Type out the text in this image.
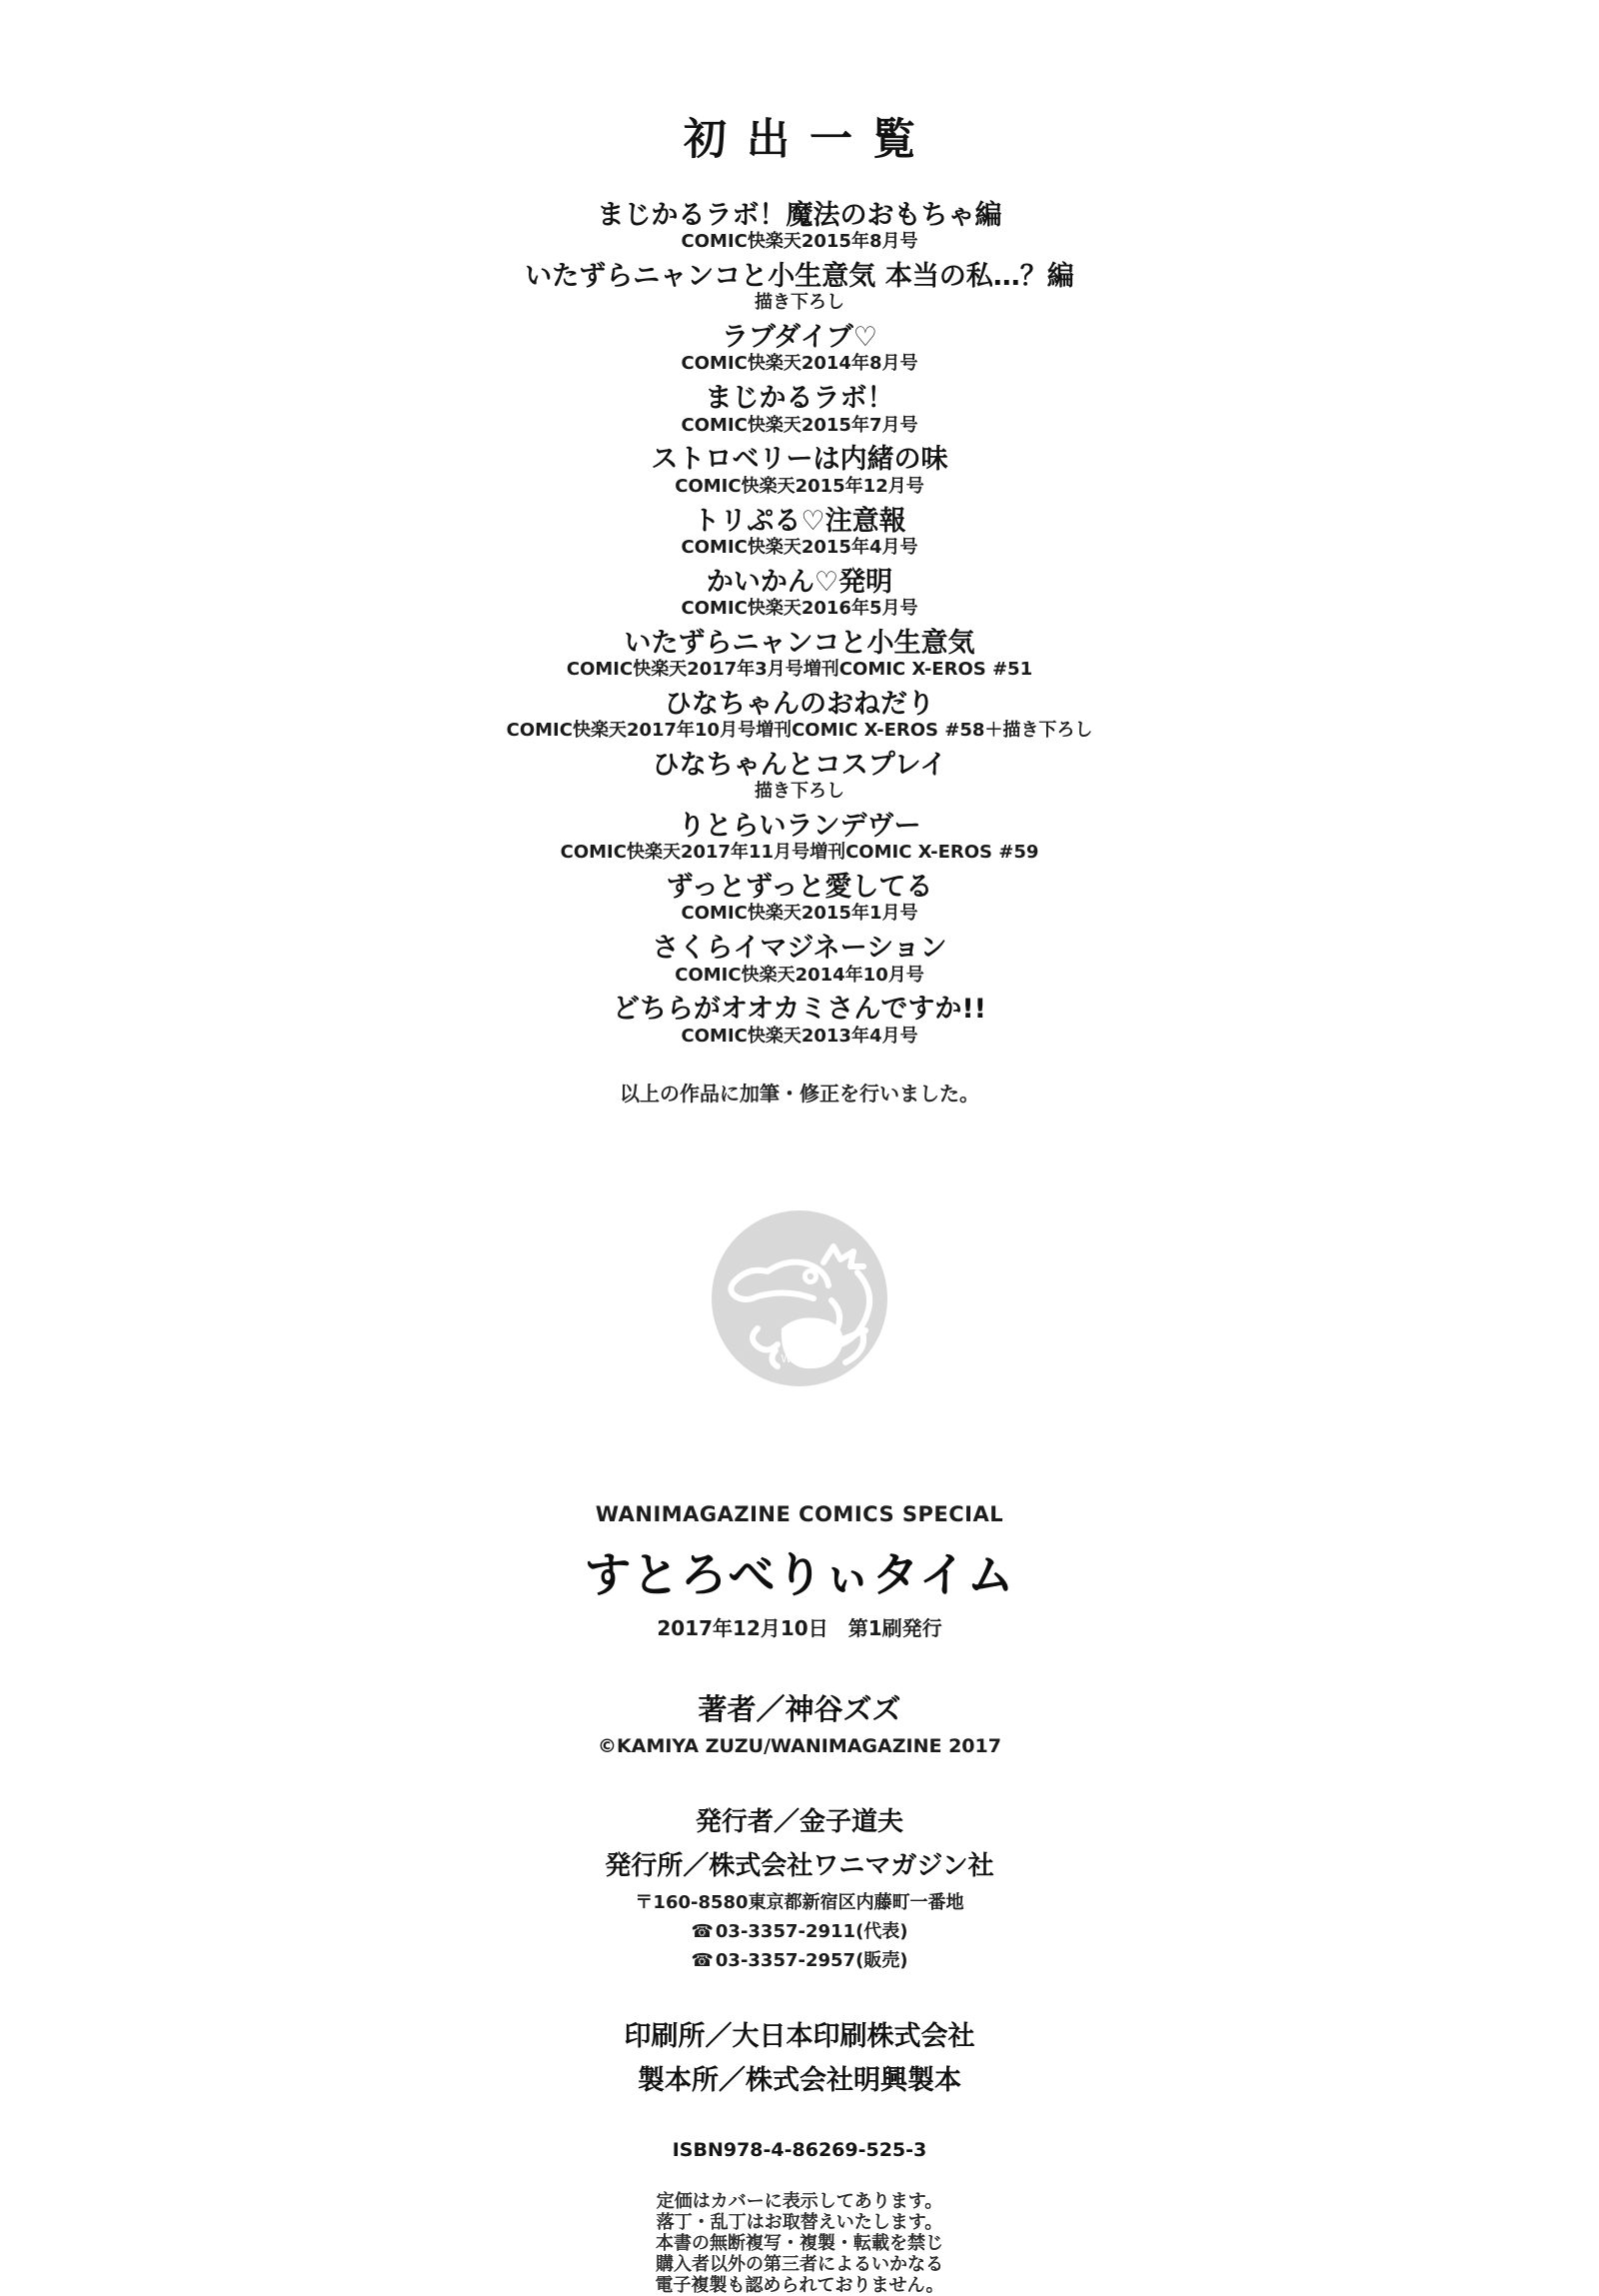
初出一覧
まじかるラボ！魔法のおもちゃ編
COMIC快楽天2015年8月号
いたずらニャンコと小生意気 本当の私…？編
描き下ろし
ラブダイブ♡
COMIC快楽天2014年8月号
まじかるラボ！
COMIC快楽天2015年7月号
ストロベリーは内緒の味
COMIC快楽天2015年12月号
トリぷる♡注意報
COMIC快楽天2015年4月号
かいかん♡発明
COMIC快楽天2016年5月号
いたずらニャンコと小生意気
COMIC快楽天2017年3月号増刊COMIC X-EROS #51
ひなちゃんのおねだり
COMIC快楽天2017年10月号増刊COMIC X-EROS #58＋描き下ろし
ひなちゃんとコスプレイ
描き下ろし
りとらいランデヴー
COMIC快楽天2017年11月号増刊COMIC X-EROS #59
ずっとずっと愛してる
COMIC快楽天2015年1月号
さくらイマジネーション
COMIC快楽天2014年10月号
どちらがオオカミさんですか!!
COMIC快楽天2013年4月号
以上の作品に加筆・修正を行いました。
WANI
WANIMAGAZINE COMICS SPECIAL
すとろべりぃタイム
2017年12月10日　第1刷発行
著者／神谷ズズ
©KAMIYA ZUZU/WANIMAGAZINE 2017
発行者／金子道夫
発行所／株式会社ワニマガジン社
〒160-8580東京都新宿区内藤町一番地
☎ 03-3357-2911(代表)
☎ 03-3357-2957(販売)
印刷所／大日本印刷株式会社
製本所／株式会社明興製本
ISBN978-4-86269-525-3
定価はカバーに表示してあります。
落丁・乱丁はお取替えいたします。
本書の無断複写・複製・転載を禁じ
購入者以外の第三者によるいかなる
電子複製も認められておりません。
